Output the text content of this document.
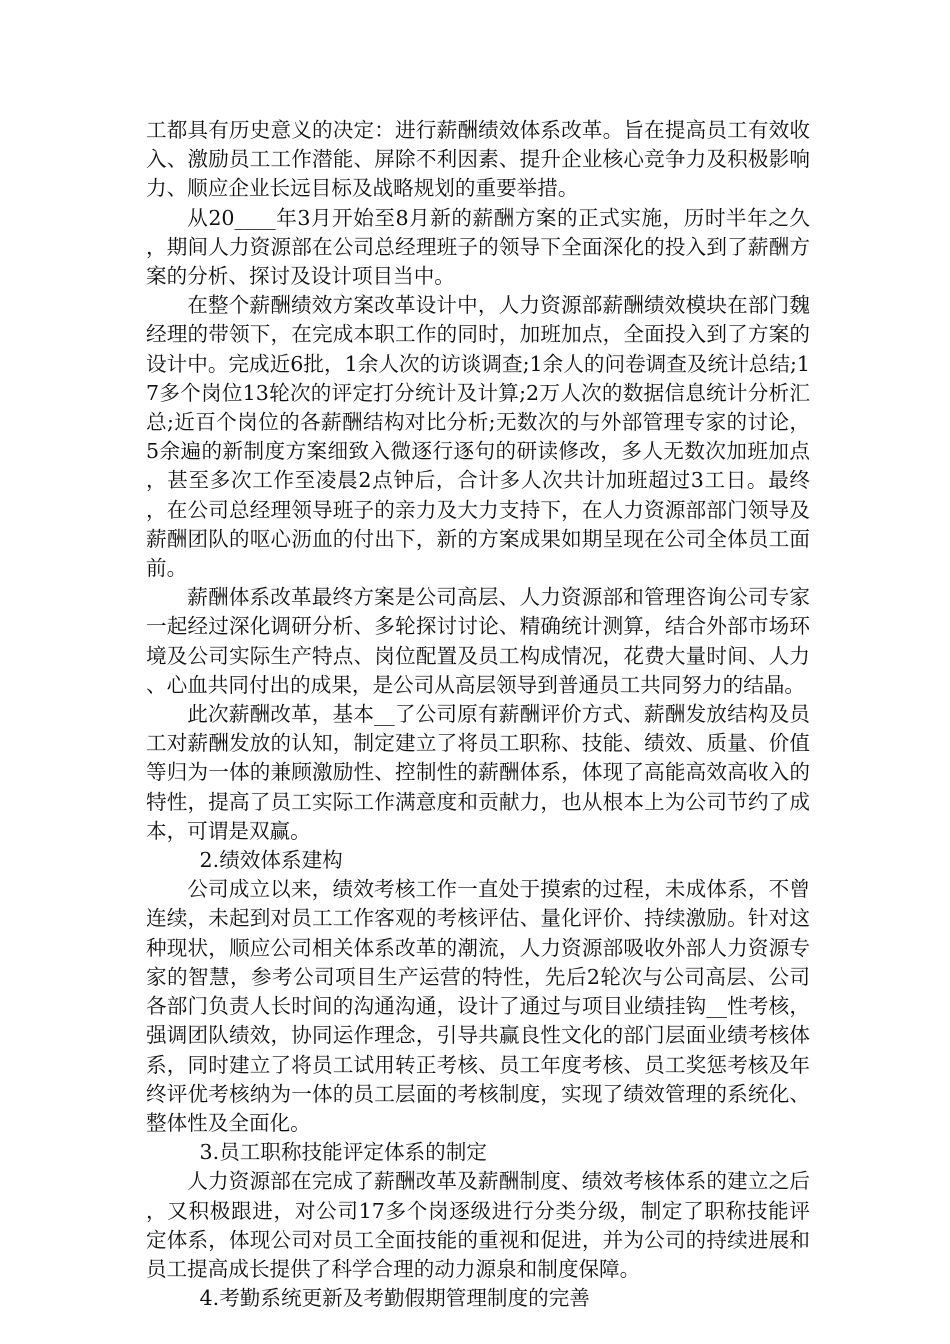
工都具有历史意义的决定：进行薪酬绩效体系改革。旨在提高员工有效收入、激励员工工作潜能、屏除不利因素、提升企业核心竞争力及积极影响力、顺应企业长远目标及战略规划的重要举措。

从20____年3月开始至8月新的薪酬方案的正式实施，历时半年之久，期间人力资源部在公司总经理班子的领导下全面深化的投入到了薪酬方案的分析、探讨及设计项目当中。

在整个薪酬绩效方案改革设计中，人力资源部薪酬绩效模块在部门魏经理的带领下，在完成本职工作的同时，加班加点，全面投入到了方案的设计中。完成近6批，1余人次的访谈调查;1余人的问卷调查及统计总结;17多个岗位13轮次的评定打分统计及计算;2万人次的数据信息统计分析汇总;近百个岗位的各薪酬结构对比分析;无数次的与外部管理专家的讨论，5余遍的新制度方案细致入微逐行逐句的研读修改，多人无数次加班加点，甚至多次工作至凌晨2点钟后，合计多人次共计加班超过3工日。最终，在公司总经理领导班子的亲力及大力支持下，在人力资源部部门领导及薪酬团队的呕心沥血的付出下，新的方案成果如期呈现在公司全体员工面前。

薪酬体系改革最终方案是公司高层、人力资源部和管理咨询公司专家一起经过深化调研分析、多轮探讨讨论、精确统计测算，结合外部市场环境及公司实际生产特点、岗位配置及员工构成情况，花费大量时间、人力、心血共同付出的成果，是公司从高层领导到普通员工共同努力的结晶。

此次薪酬改革，基本__了公司原有薪酬评价方式、薪酬发放结构及员工对薪酬发放的认知，制定建立了将员工职称、技能、绩效、质量、价值等归为一体的兼顾激励性、控制性的薪酬体系，体现了高能高效高收入的特性，提高了员工实际工作满意度和贡献力，也从根本上为公司节约了成本，可谓是双赢。

2.绩效体系建构

公司成立以来，绩效考核工作一直处于摸索的过程，未成体系，不曾连续，未起到对员工工作客观的考核评估、量化评价、持续激励。针对这种现状，顺应公司相关体系改革的潮流，人力资源部吸收外部人力资源专家的智慧，参考公司项目生产运营的特性，先后2轮次与公司高层、公司各部门负责人长时间的沟通沟通，设计了通过与项目业绩挂钩__性考核，强调团队绩效，协同运作理念，引导共赢良性文化的部门层面业绩考核体系，同时建立了将员工试用转正考核、员工年度考核、员工奖惩考核及年终评优考核纳为一体的员工层面的考核制度，实现了绩效管理的系统化、整体性及全面化。

3.员工职称技能评定体系的制定

人力资源部在完成了薪酬改革及薪酬制度、绩效考核体系的建立之后，又积极跟进，对公司17多个岗逐级进行分类分级，制定了职称技能评定体系，体现公司对员工全面技能的重视和促进，并为公司的持续进展和员工提高成长提供了科学合理的动力源泉和制度保障。

4.考勤系统更新及考勤假期管理制度的完善
